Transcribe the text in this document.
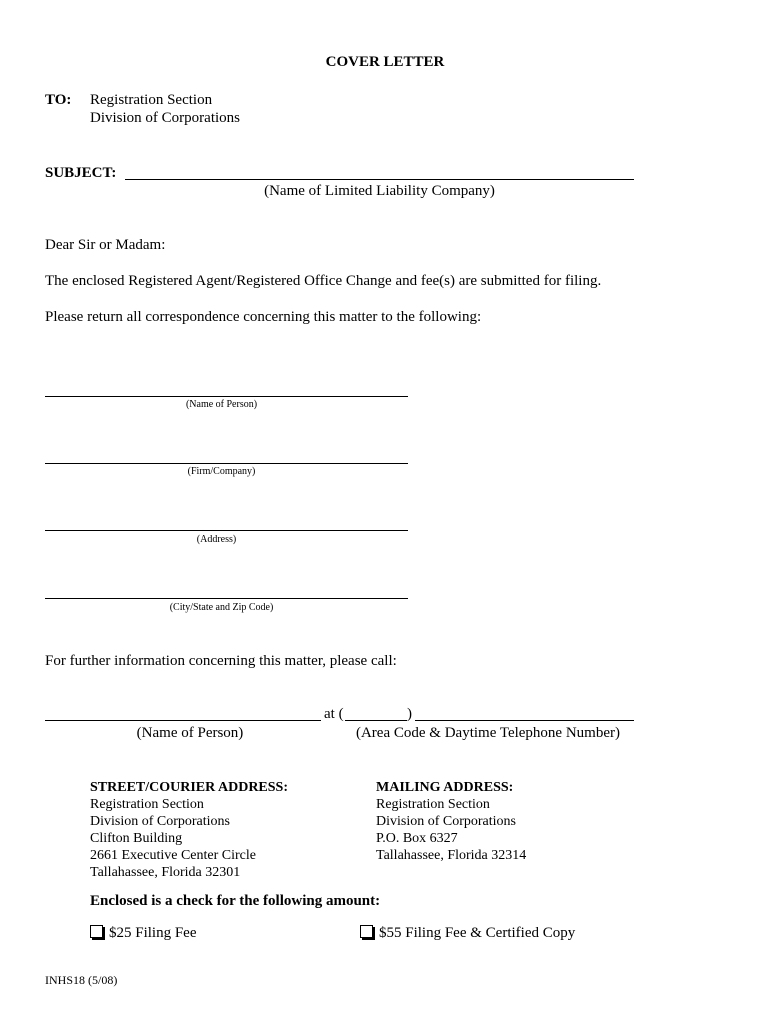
COVER LETTER
TO: Registration Section
Division of Corporations
SUBJECT:
(Name of Limited Liability Company)
Dear Sir or Madam:
The enclosed Registered Agent/Registered Office Change and fee(s) are submitted for filing.
Please return all correspondence concerning this matter to the following:
(Name of Person)
(Firm/Company)
(Address)
(City/State and Zip Code)
For further information concerning this matter, please call:
at (	)
(Name of Person)	(Area Code & Daytime Telephone Number)
STREET/COURIER ADDRESS:
Registration Section
Division of Corporations
Clifton Building
2661 Executive Center Circle
Tallahassee, Florida 32301
MAILING ADDRESS:
Registration Section
Division of Corporations
P.O. Box 6327
Tallahassee, Florida 32314
Enclosed is a check for the following amount:
$25 Filing Fee	$55 Filing Fee & Certified Copy
INHS18 (5/08)
